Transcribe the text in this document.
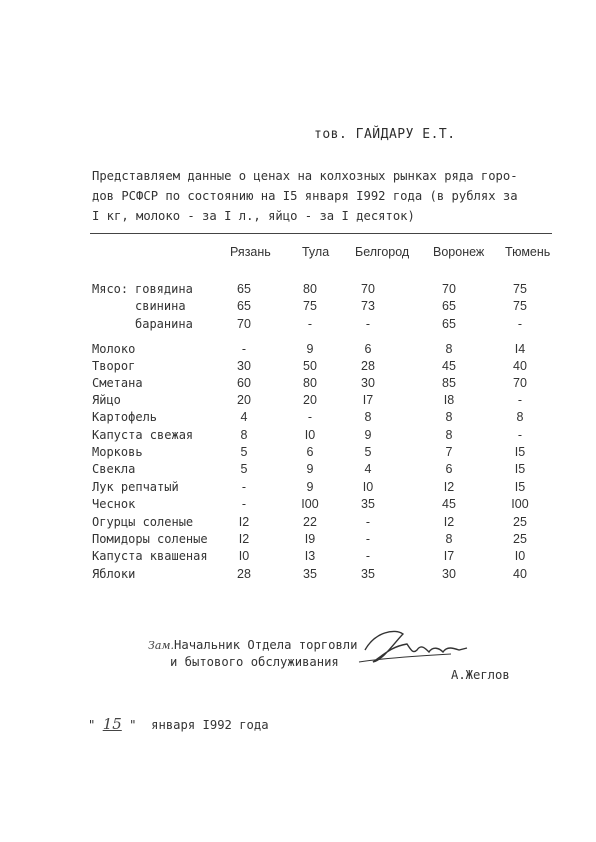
тов. ГАЙДАРУ Е.Т.
Представляем данные о ценах на колхозных рынках ряда горо-
дов РСФСР по состоянию на I5 января I992 года (в рублях за
I кг, молоко - за I л., яйцо - за I десяток)
Рязань Тула Белгород Воронеж Тюмень
Мясо: говядина	65	80	70	70	75
свинина	65	75	73	65	75
баранина	70	-	-	65	-
Молоко	-	9	6	8	I4
Творог	30	50	28	45	40
Сметана	60	80	30	85	70
Яйцо	20	20	I7	I8	-
Картофель	4	-	8	8	8
Капуста свежая	8	I0	9	8	-
Морковь	5	6	5	7	I5
Свекла	5	9	4	6	I5
Лук репчатый	-	9	I0	I2	I5
Чеснок	-	I00	35	45	I00
Огурцы соленые	I2	22	-	I2	25
Помидоры соленые I2	I9	-	8	25
Капуста квашеная I0	I3	-	I7	I0
Яблоки	28	35	35	30	40
Зам.Начальник Отдела торговли
и бытового обслуживания
А.Жеглов
" 15 " января I992 года
